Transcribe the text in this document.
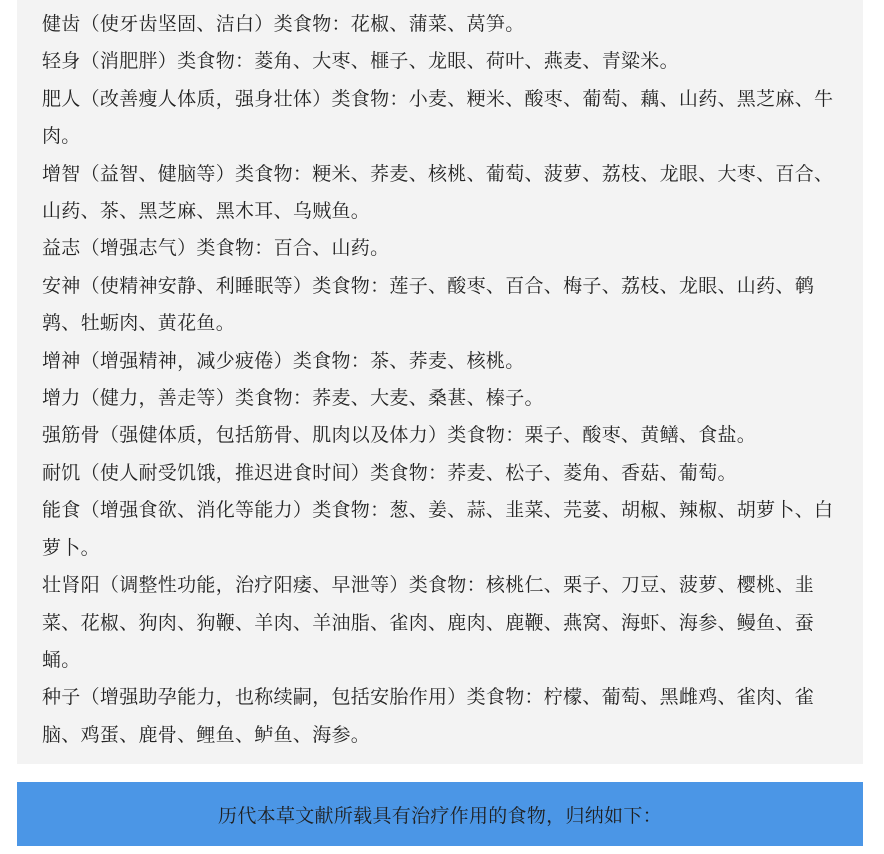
健齿（使牙齿坚固、洁白）类食物：花椒、蒲菜、莴笋。

轻身（消肥胖）类食物：菱角、大枣、榧子、龙眼、荷叶、燕麦、青粱米。

肥人（改善瘦人体质，强身壮体）类食物：小麦、粳米、酸枣、葡萄、藕、山药、黑芝麻、牛肉。

增智（益智、健脑等）类食物：粳米、荞麦、核桃、葡萄、菠萝、荔枝、龙眼、大枣、百合、山药、茶、黑芝麻、黑木耳、乌贼鱼。

益志（增强志气）类食物：百合、山药。

安神（使精神安静、利睡眠等）类食物：莲子、酸枣、百合、梅子、荔枝、龙眼、山药、鹌鹑、牡蛎肉、黄花鱼。

增神（增强精神，减少疲倦）类食物：茶、荞麦、核桃。

增力（健力，善走等）类食物：荞麦、大麦、桑葚、榛子。

强筋骨（强健体质，包括筋骨、肌肉以及体力）类食物：栗子、酸枣、黄鳝、食盐。

耐饥（使人耐受饥饿，推迟进食时间）类食物：荞麦、松子、菱角、香菇、葡萄。

能食（增强食欲、消化等能力）类食物：葱、姜、蒜、韭菜、芫荽、胡椒、辣椒、胡萝卜、白萝卜。

壮肾阳（调整性功能，治疗阳痿、早泄等）类食物：核桃仁、栗子、刀豆、菠萝、樱桃、韭菜、花椒、狗肉、狗鞭、羊肉、羊油脂、雀肉、鹿肉、鹿鞭、燕窝、海虾、海参、鳗鱼、蚕蛹。

种子（增强助孕能力，也称续嗣，包括安胎作用）类食物：柠檬、葡萄、黑雌鸡、雀肉、雀脑、鸡蛋、鹿骨、鲤鱼、鲈鱼、海参。

历代本草文献所载具有治疗作用的食物，归纳如下：
